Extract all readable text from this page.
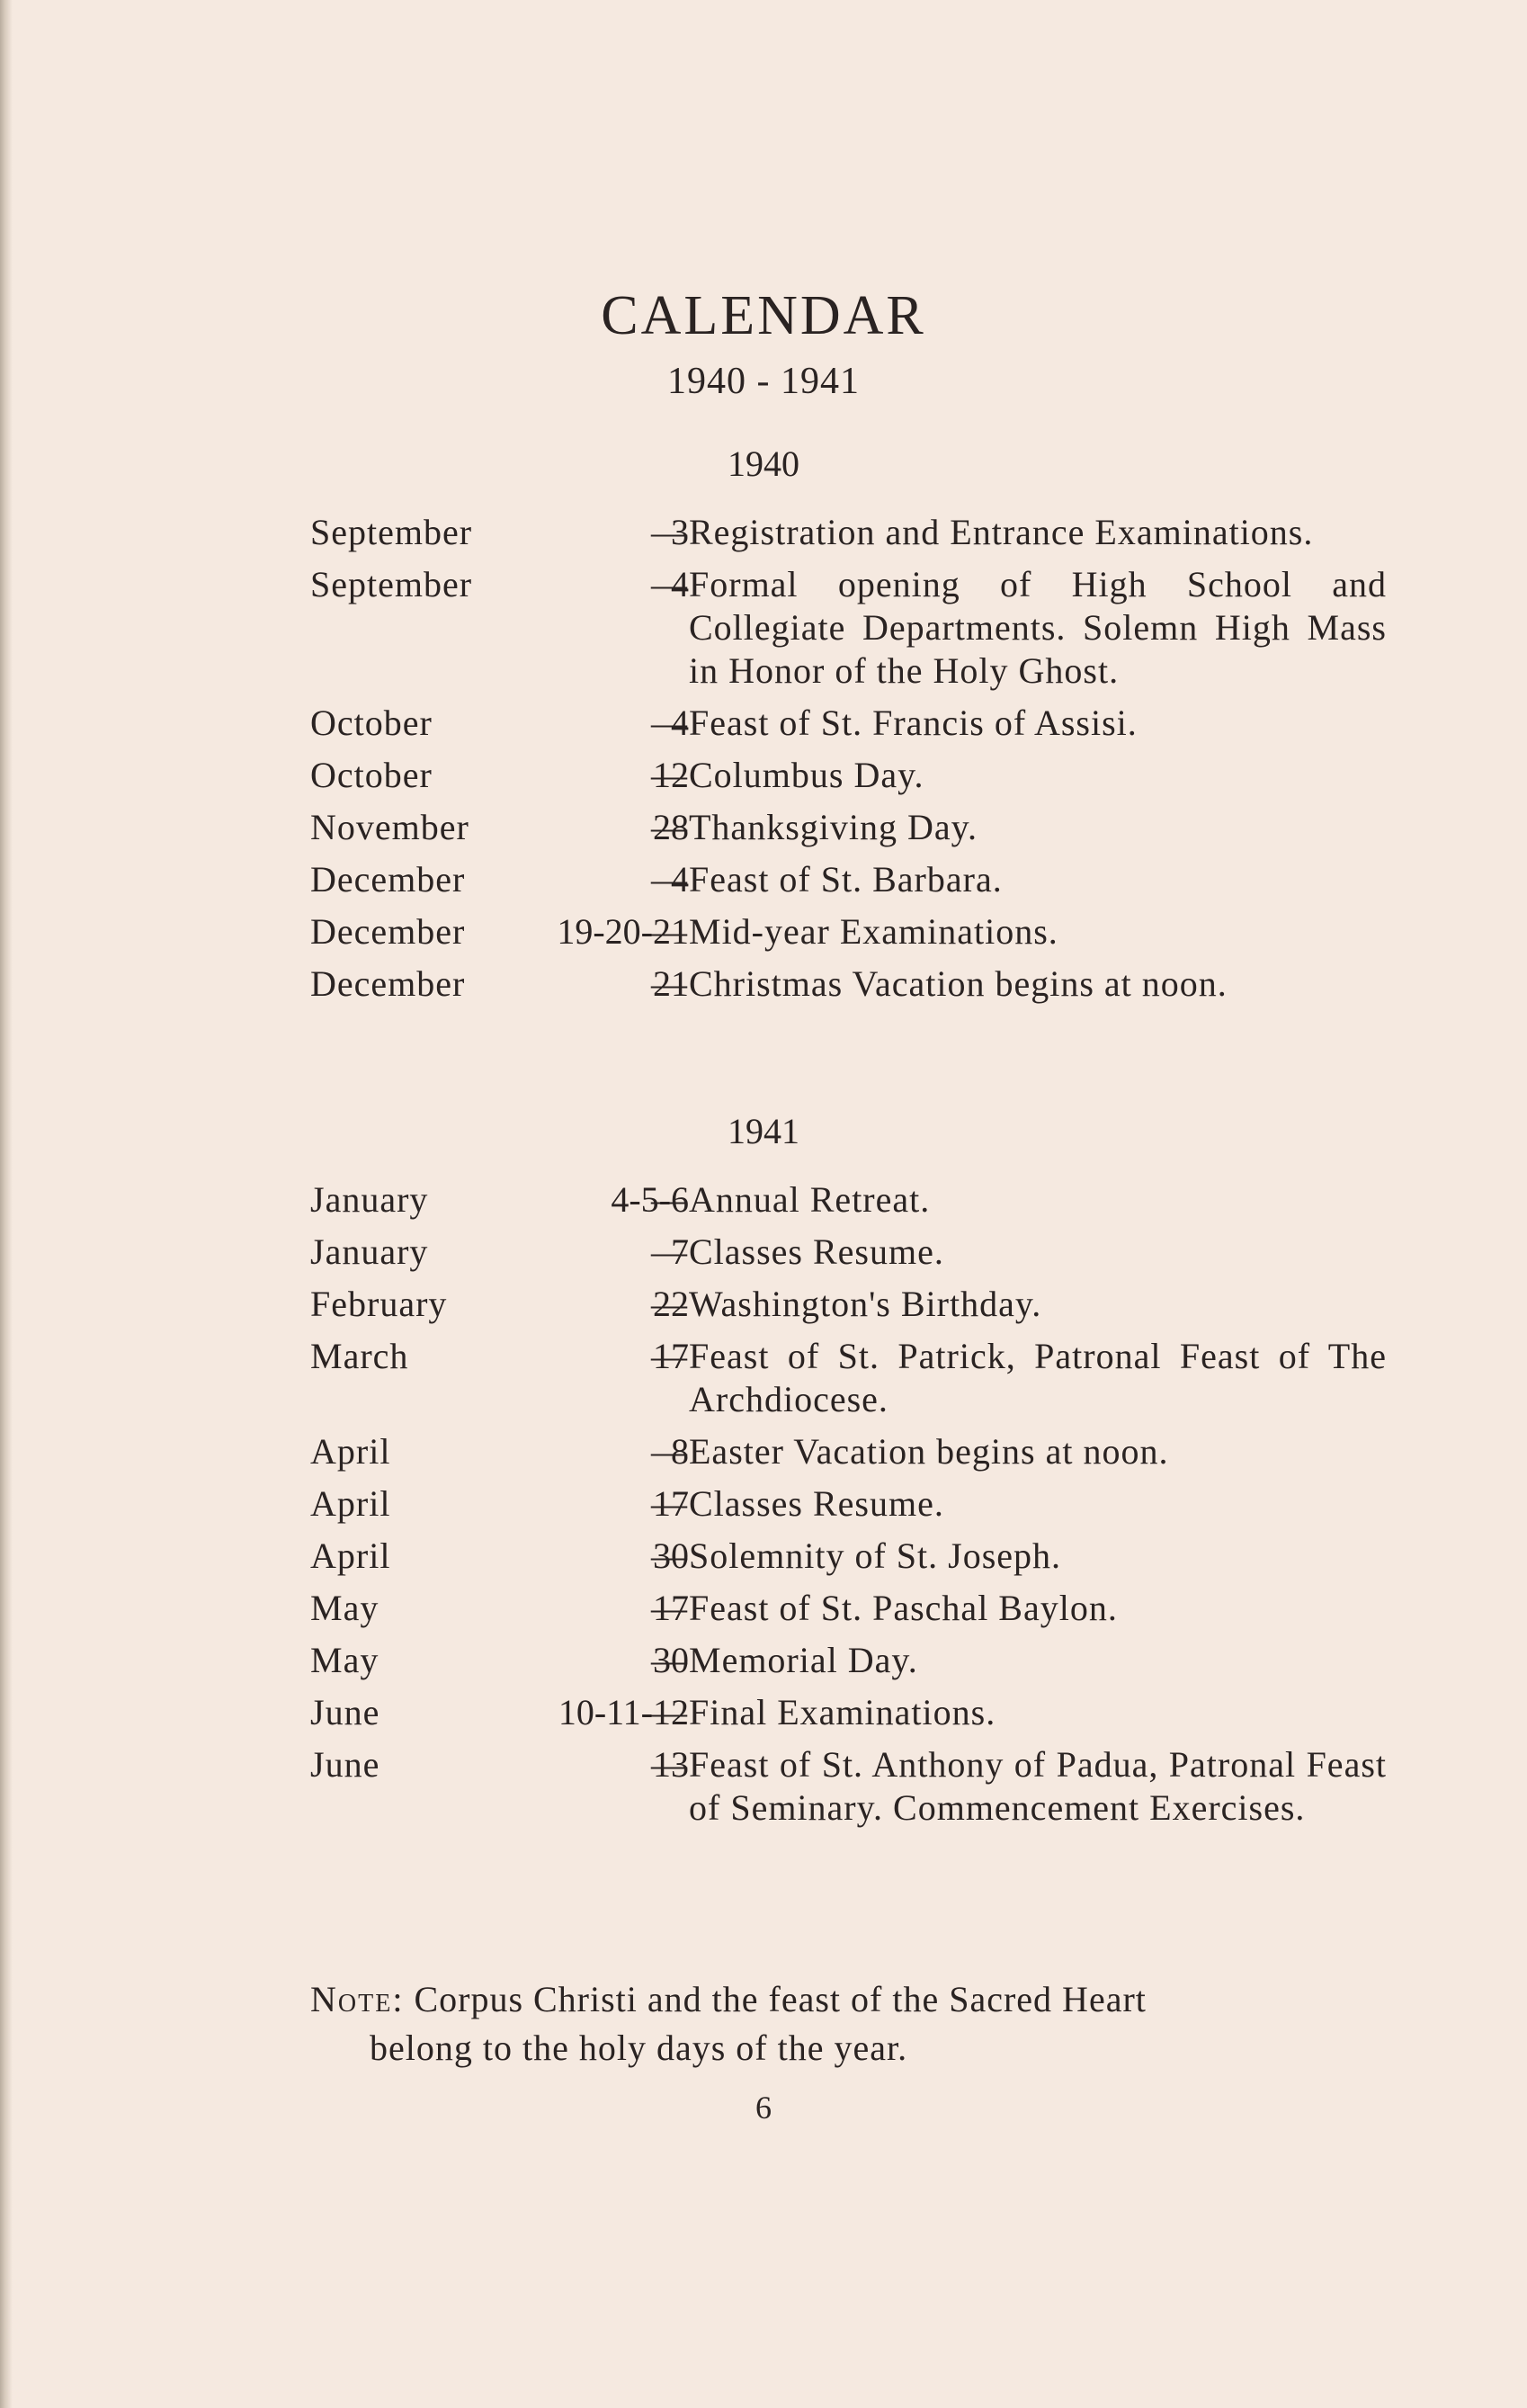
CALENDAR
1940 - 1941
1940
September	3 — Registration and Entrance Examinations.
September	4 — Formal opening of High School and Collegiate Departments. Solemn High Mass in Honor of the Holy Ghost.
October	4 — Feast of St. Francis of Assisi.
October	12 — Columbus Day.
November	28 — Thanksgiving Day.
December	4 — Feast of St. Barbara.
December	19-20-21 — Mid-year Examinations.
December	21 — Christmas Vacation begins at noon.
1941
January	4-5-6 — Annual Retreat.
January	7 — Classes Resume.
February	22 — Washington's Birthday.
March	17 — Feast of St. Patrick, Patronal Feast of The Archdiocese.
April	8 — Easter Vacation begins at noon.
April	17 — Classes Resume.
April	30 — Solemnity of St. Joseph.
May	17 — Feast of St. Paschal Baylon.
May	30 — Memorial Day.
June	10-11-12 — Final Examinations.
June	13 — Feast of St. Anthony of Padua, Patronal Feast of Seminary. Commencement Exercises.
Note: Corpus Christi and the feast of the Sacred Heart
belong to the holy days of the year.
6
